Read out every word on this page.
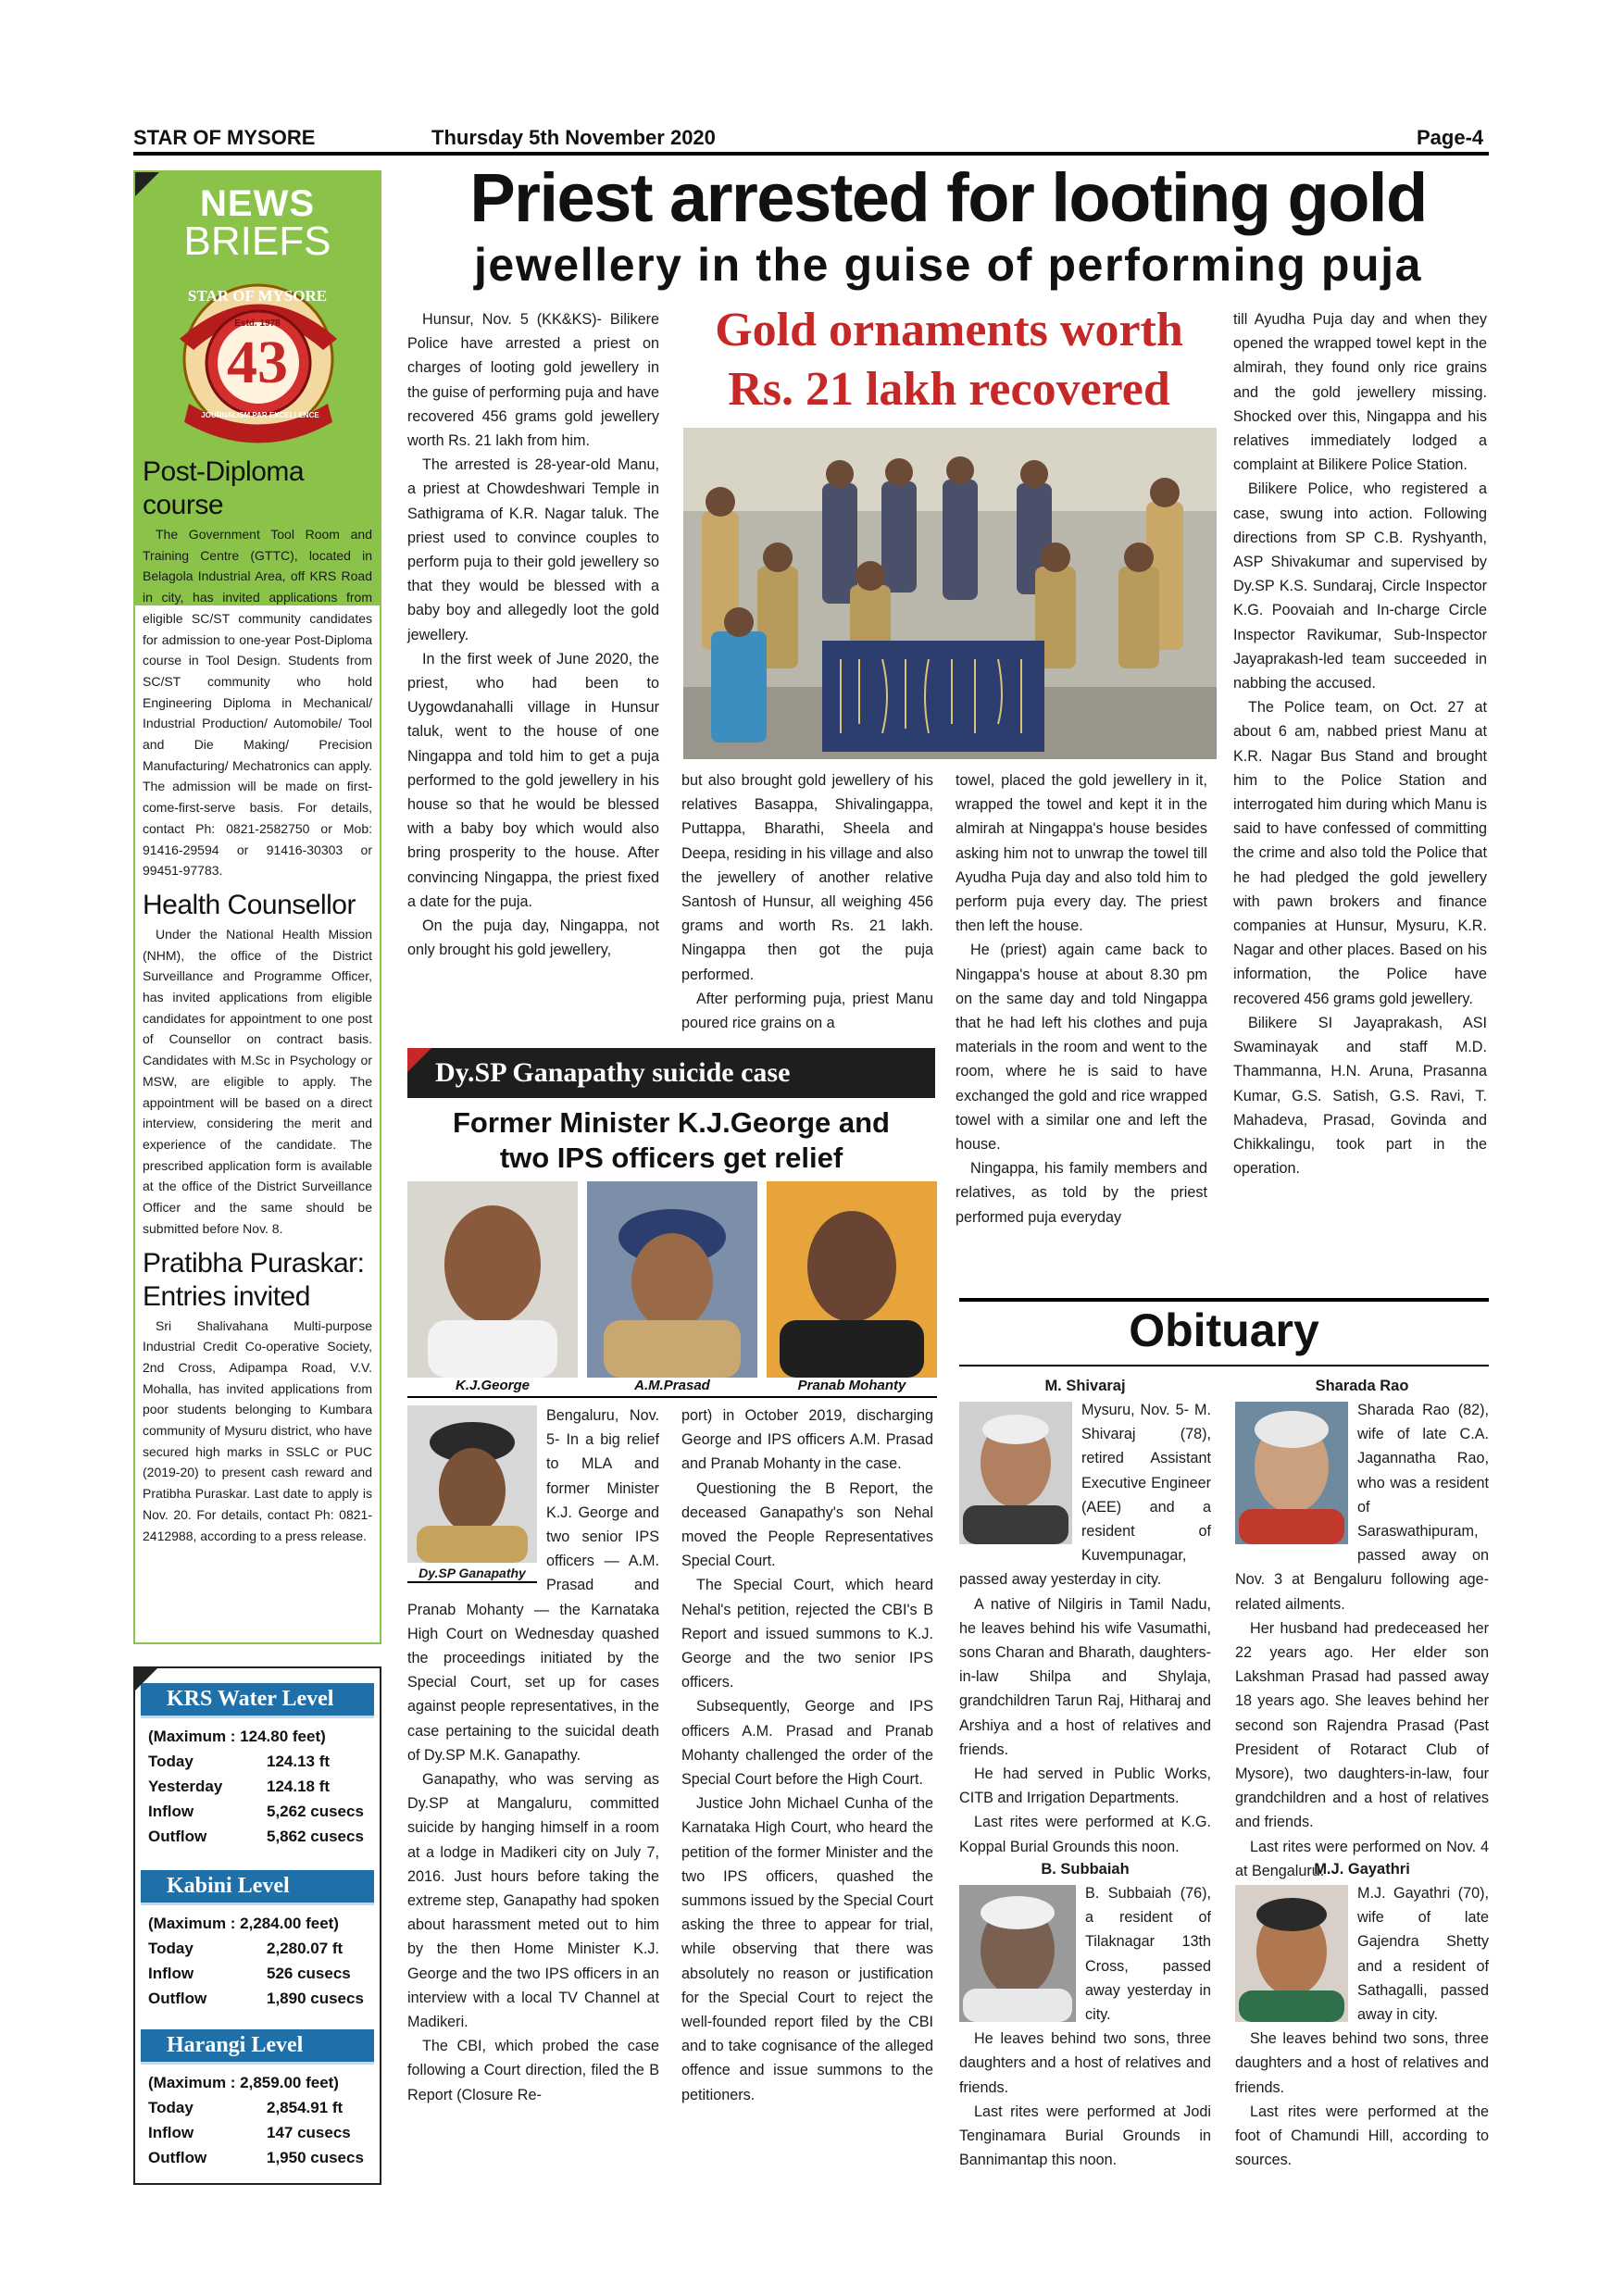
STAR OF MYSORE	Thursday 5th November 2020	Page-4
NEWS
BRIEFS
STAR OF MYSORE
Estd. 1978
43
JOURNALISM PAR EXCELLENCE
Post-Diploma course

The Government Tool Room and Training Centre (GTTC), located in Belagola Industrial Area, off KRS Road in city, has invited applications from eligible SC/ST community candidates for admission to one-year Post-Diploma course in Tool Design. Students from SC/ST community who hold Engineering Diploma in Mechanical/ Industrial Production/ Automobile/ Tool and Die Making/ Precision Manufacturing/ Mechatronics can apply. The admission will be made on first-come-first-serve basis. For details, contact Ph: 0821-2582750 or Mob: 91416-29594 or 91416-30303 or 99451-97783.

Health Counsellor

Under the National Health Mission (NHM), the office of the District Surveillance and Programme Officer, has invited applications from eligible candidates for appointment to one post of Counsellor on contract basis. Candidates with M.Sc in Psychology or MSW, are eligible to apply. The appointment will be based on a direct interview, considering the merit and experience of the candidate. The prescribed application form is available at the office of the District Surveillance Officer and the same should be submitted before Nov. 8.

Pratibha Puraskar: Entries invited

Sri Shalivahana Multi-purpose Industrial Credit Co-operative Society, 2nd Cross, Adipampa Road, V.V. Mohalla, has invited applications from poor students belonging to Kumbara community of Mysuru district, who have secured high marks in SSLC or PUC (2019-20) to present cash reward and Pratibha Puraskar. Last date to apply is Nov. 20. For details, contact Ph: 0821-2412988, according to a press release.

KRS Water Level
(Maximum : 124.80 feet)
Today	124.13 ft
Yesterday	124.18 ft
Inflow	5,262 cusecs
Outflow	5,862 cusecs
Kabini Level
(Maximum : 2,284.00 feet)
Today	2,280.07 ft
Inflow	526 cusecs
Outflow	1,890 cusecs
Harangi Level
(Maximum : 2,859.00 feet)
Today	2,854.91 ft
Inflow	147 cusecs
Outflow	1,950 cusecs
Priest arrested for looting gold
jewellery in the guise of performing puja

Hunsur, Nov. 5 (KK&KS)- Bilikere Police have arrested a priest on charges of looting gold jewellery in the guise of performing puja and have recovered 456 grams gold jewellery worth Rs. 21 lakh from him.

The arrested is 28-year-old Manu, a priest at Chowdeshwari Temple in Sathigrama of K.R. Nagar taluk. The priest used to convince couples to perform puja to their gold jewellery so that they would be blessed with a baby boy and allegedly loot the gold jewellery.

In the first week of June 2020, the priest, who had been to Uygowdanahalli village in Hunsur taluk, went to the house of one Ningappa and told him to get a puja performed to the gold jewellery in his house so that he would be blessed with a baby boy which would also bring prosperity to the house. After convincing Ningappa, the priest fixed a date for the puja.

On the puja day, Ningappa, not only brought his gold jewellery,

Gold ornaments worth
Rs. 21 lakh recovered

but also brought gold jewellery of his relatives Basappa, Shivalingappa, Puttappa, Bharathi, Sheela and Deepa, residing in his village and also the jewellery of another relative Santosh of Hunsur, all weighing 456 grams and worth Rs. 21 lakh. Ningappa then got the puja performed.

After performing puja, priest Manu poured rice grains on a

towel, placed the gold jewellery in it, wrapped the towel and kept it in the almirah at Ningappa's house besides asking him not to unwrap the towel till Ayudha Puja day and also told him to perform puja every day. The priest then left the house.

He (priest) again came back to Ningappa's house at about 8.30 pm on the same day and told Ningappa that he had left his clothes and puja materials in the room and went to the room, where he is said to have exchanged the gold and rice wrapped towel with a similar one and left the house.

Ningappa, his family members and relatives, as told by the priest performed puja everyday

till Ayudha Puja day and when they opened the wrapped towel kept in the almirah, they found only rice grains and the gold jewellery missing. Shocked over this, Ningappa and his relatives immediately lodged a complaint at Bilikere Police Station.

Bilikere Police, who registered a case, swung into action. Following directions from SP C.B. Ryshyanth, ASP Shivakumar and supervised by Dy.SP K.S. Sundaraj, Circle Inspector K.G. Poovaiah and In-charge Circle Inspector Ravikumar, Sub-Inspector Jayaprakash-led team succeeded in nabbing the accused.

The Police team, on Oct. 27 at about 6 am, nabbed priest Manu at K.R. Nagar Bus Stand and brought him to the Police Station and interrogated him during which Manu is said to have confessed of committing the crime and also told the Police that he had pledged the gold jewellery with pawn brokers and finance companies at Hunsur, Mysuru, K.R. Nagar and other places. Based on his information, the Police have recovered 456 grams gold jewellery.

Bilikere SI Jayaprakash, ASI Swaminayak and staff M.D. Thammanna, H.N. Aruna, Prasanna Kumar, G.S. Satish, G.S. Ravi, T. Mahadeva, Prasad, Govinda and Chikkalingu, took part in the operation.

Dy.SP Ganapathy suicide case
Former Minister K.J.George and
two IPS officers get relief
K.J.George	A.M.Prasad	Pranab Mohanty
Dy.SP Ganapathy

Bengaluru, Nov. 5- In a big relief to MLA and former Minister K.J. George and two senior IPS officers — A.M. Prasad and Pranab Mohanty — the Karnataka High Court on Wednesday quashed the proceedings initiated by the Special Court, set up for cases against people representatives, in the case pertaining to the suicidal death of Dy.SP M.K. Ganapathy.

Ganapathy, who was serving as Dy.SP at Mangaluru, committed suicide by hanging himself in a room at a lodge in Madikeri city on July 7, 2016. Just hours before taking the extreme step, Ganapathy had spoken about harassment meted out to him by the then Home Minister K.J. George and the two IPS officers in an interview with a local TV Channel at Madikeri.

The CBI, which probed the case following a Court direction, filed the B Report (Closure Re-

port) in October 2019, discharging George and IPS officers A.M. Prasad and Pranab Mohanty in the case.

Questioning the B Report, the deceased Ganapathy's son Nehal moved the People Representatives Special Court.

The Special Court, which heard Nehal's petition, rejected the CBI's B Report and issued summons to K.J. George and the two senior IPS officers.

Subsequently, George and IPS officers A.M. Prasad and Pranab Mohanty challenged the order of the Special Court before the High Court.

Justice John Michael Cunha of the Karnataka High Court, who heard the petition of the former Minister and the two IPS officers, quashed the summons issued by the Special Court asking the three to appear for trial, while observing that there was absolutely no reason or justification for the Special Court to reject the well-founded report filed by the CBI and to take cognisance of the alleged offence and issue summons to the petitioners.

Obituary
M. Shivaraj

Mysuru, Nov. 5- M. Shivaraj (78), retired Assistant Executive Engineer (AEE) and a resident of Kuvempunagar, passed away yesterday in city.

A native of Nilgiris in Tamil Nadu, he leaves behind his wife Vasumathi, sons Charan and Bharath, daughters-in-law Shilpa and Shylaja, grandchildren Tarun Raj, Hitharaj and Arshiya and a host of relatives and friends.

He had served in Public Works, CITB and Irrigation Departments.

Last rites were performed at K.G. Koppal Burial Grounds this noon.

B. Subbaiah

B. Subbaiah (76), a resident of Tilaknagar 13th Cross, passed away yesterday in city.

He leaves behind two sons, three daughters and a host of relatives and friends.

Last rites were performed at Jodi Tenginamara Burial Grounds in Bannimantap this noon.

Sharada Rao

Sharada Rao (82), wife of late C.A. Jagannatha Rao, who was a resident of Saraswathipuram, passed away on Nov. 3 at Bengaluru following age-related ailments.

Her husband had predeceased her 22 years ago. Her elder son Lakshman Prasad had passed away 18 years ago. She leaves behind her second son Rajendra Prasad (Past President of Rotaract Club of Mysore), two daughters-in-law, four grandchildren and a host of relatives and friends.

Last rites were performed on Nov. 4 at Bengaluru.

M.J. Gayathri

M.J. Gayathri (70), wife of late Gajendra Shetty and a resident of Sathagalli, passed away in city.

She leaves behind two sons, three daughters and a host of relatives and friends.

Last rites were performed at the foot of Chamundi Hill, according to sources.
